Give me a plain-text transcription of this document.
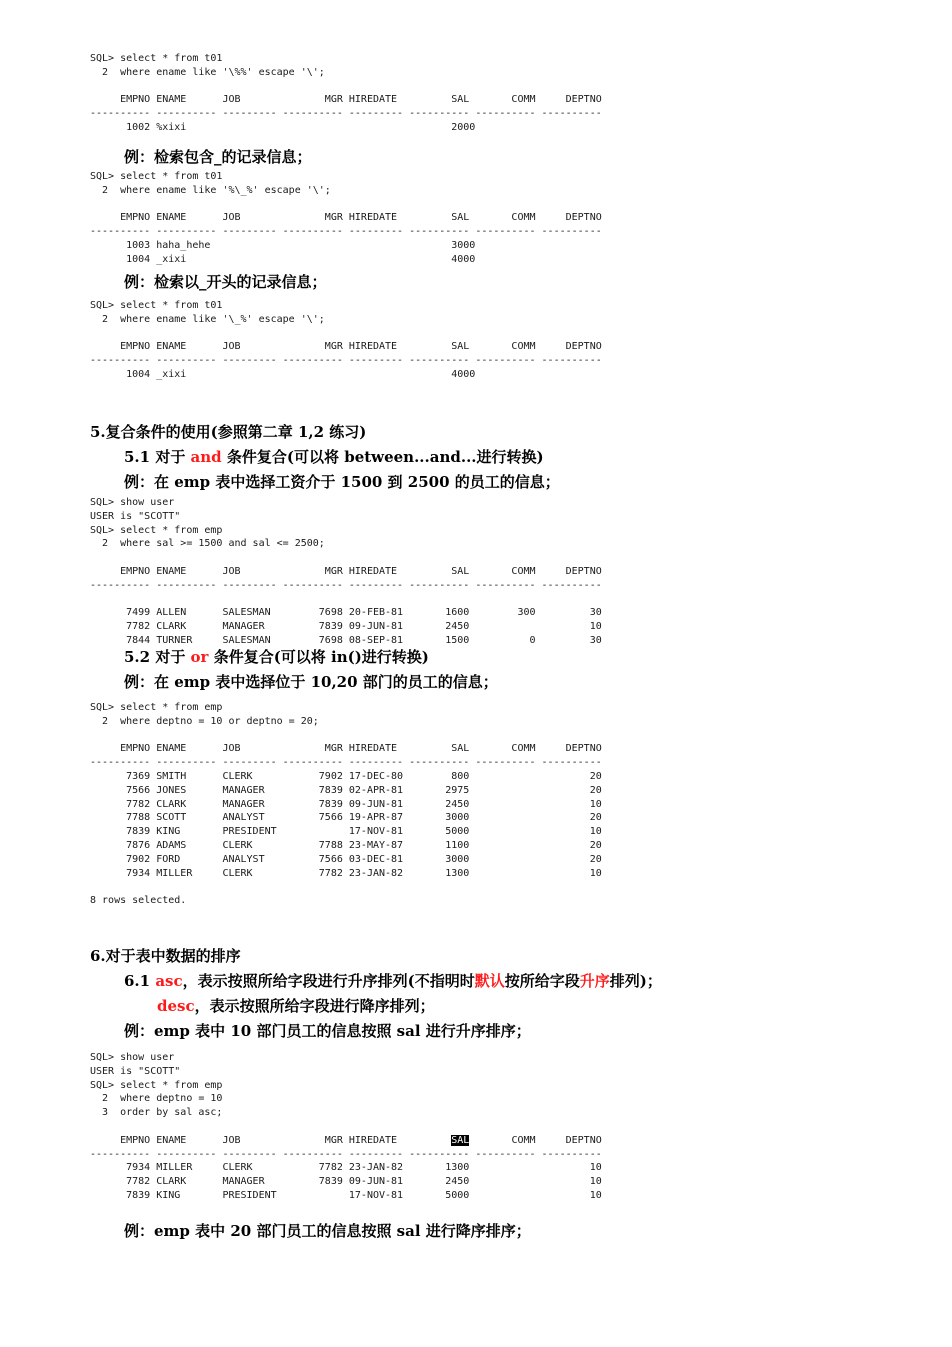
SQL> select * from t01
2  where ename like '\%%' escape '\';

EMPNO ENAME      JOB              MGR HIREDATE         SAL       COMM     DEPTNO
---------- ---------- --------- ---------- --------- ---------- ---------- ----------
1002 %xixi                                            2000
例：检索包含_的记录信息；
SQL> select * from t01
2  where ename like '%\_%' escape '\';

EMPNO ENAME      JOB              MGR HIREDATE         SAL       COMM     DEPTNO
---------- ---------- --------- ---------- --------- ---------- ---------- ----------
1003 haha_hehe                                        3000
1004 _xixi                                            4000
例：检索以_开头的记录信息；
SQL> select * from t01
2  where ename like '\_%' escape '\';

EMPNO ENAME      JOB              MGR HIREDATE         SAL       COMM     DEPTNO
---------- ---------- --------- ---------- --------- ---------- ---------- ----------
1004 _xixi                                            4000
5.复合条件的使用(参照第二章 1,2 练习)
5.1 对于 and 条件复合(可以将 between...and...进行转换)
例：在 emp 表中选择工资介于 1500 到 2500 的员工的信息；
SQL> show user
USER is "SCOTT"
SQL> select * from emp
2  where sal >= 1500 and sal <= 2500;

EMPNO ENAME      JOB              MGR HIREDATE         SAL       COMM     DEPTNO
---------- ---------- --------- ---------- --------- ---------- ---------- ----------

7499 ALLEN      SALESMAN        7698 20-FEB-81       1600        300         30
7782 CLARK      MANAGER         7839 09-JUN-81       2450                    10
7844 TURNER     SALESMAN        7698 08-SEP-81       1500          0         30
5.2 对于 or 条件复合(可以将 in()进行转换)
例：在 emp 表中选择位于 10,20 部门的员工的信息；
SQL> select * from emp
2  where deptno = 10 or deptno = 20;

EMPNO ENAME      JOB              MGR HIREDATE         SAL       COMM     DEPTNO
---------- ---------- --------- ---------- --------- ---------- ---------- ----------
7369 SMITH      CLERK           7902 17-DEC-80        800                    20
7566 JONES      MANAGER         7839 02-APR-81       2975                    20
7782 CLARK      MANAGER         7839 09-JUN-81       2450                    10
7788 SCOTT      ANALYST         7566 19-APR-87       3000                    20
7839 KING       PRESIDENT            17-NOV-81       5000                    10
7876 ADAMS      CLERK           7788 23-MAY-87       1100                    20
7902 FORD       ANALYST         7566 03-DEC-81       3000                    20
7934 MILLER     CLERK           7782 23-JAN-82       1300                    10

8 rows selected.
6.对于表中数据的排序
6.1 asc，表示按照所给字段进行升序排列(不指明时默认按所给字段升序排列)；
desc，表示按照所给字段进行降序排列；
例：emp 表中 10 部门员工的信息按照 sal 进行升序排序；
SQL> show user
USER is "SCOTT"
SQL> select * from emp
2  where deptno = 10
3  order by sal asc;

EMPNO ENAME      JOB              MGR HIREDATE         SAL       COMM     DEPTNO
---------- ---------- --------- ---------- --------- ---------- ---------- ----------
7934 MILLER     CLERK           7782 23-JAN-82       1300                    10
7782 CLARK      MANAGER         7839 09-JUN-81       2450                    10
7839 KING       PRESIDENT            17-NOV-81       5000                    10
例：emp 表中 20 部门员工的信息按照 sal 进行降序排序；
